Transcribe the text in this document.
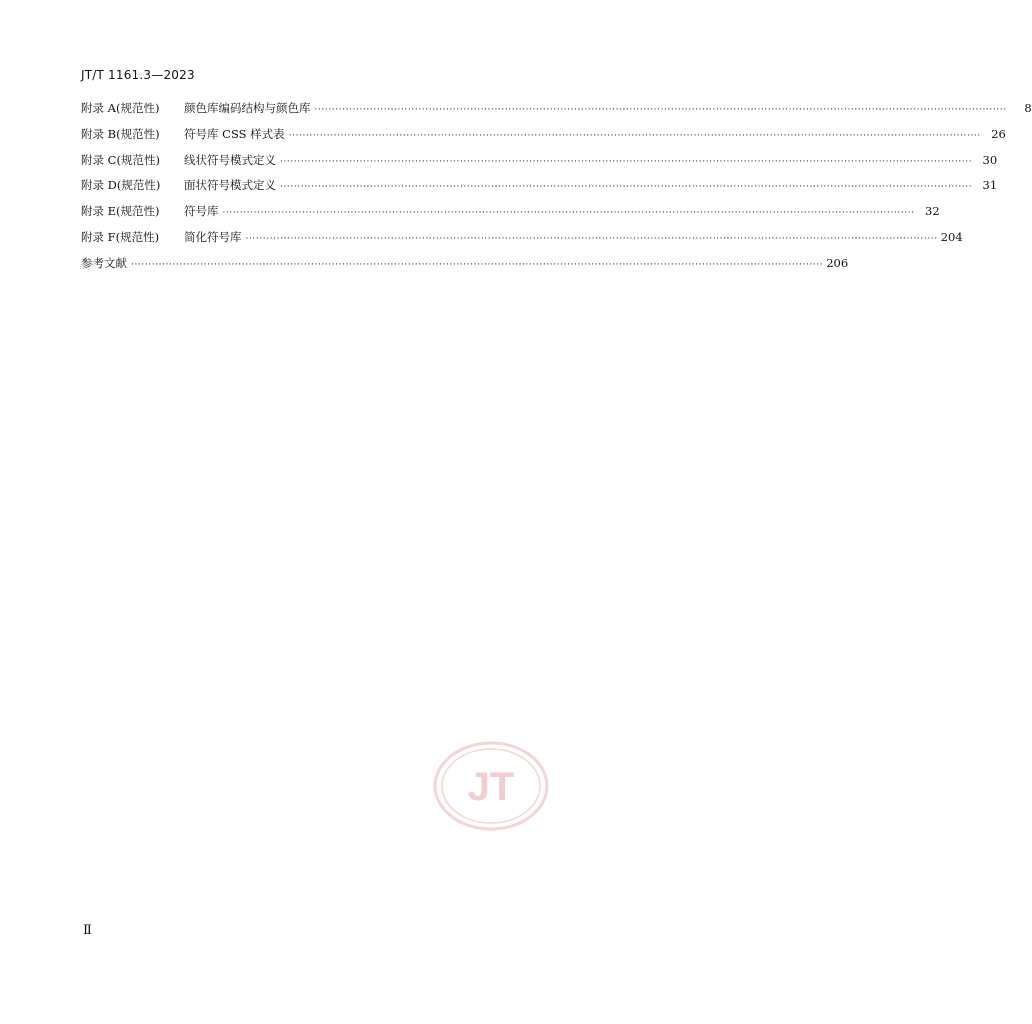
JT/T 1161.3—2023
附录 A(规范性)	颜色库编码结构与颜色库 ········································································································································································································	8
附录 B(规范性)	符号库 CSS 样式表 ········································································································································································································ 26
附录 C(规范性)	线状符号模式定义 ········································································································································································································ 30
附录 D(规范性)	面状符号模式定义 ········································································································································································································ 31
附录 E(规范性)	符号库 ········································································································································································································ 32
附录 F(规范性)	简化符号库 ········································································································································································································ 204
参考文献 ········································································································································································································ 206
JT
Ⅱ
